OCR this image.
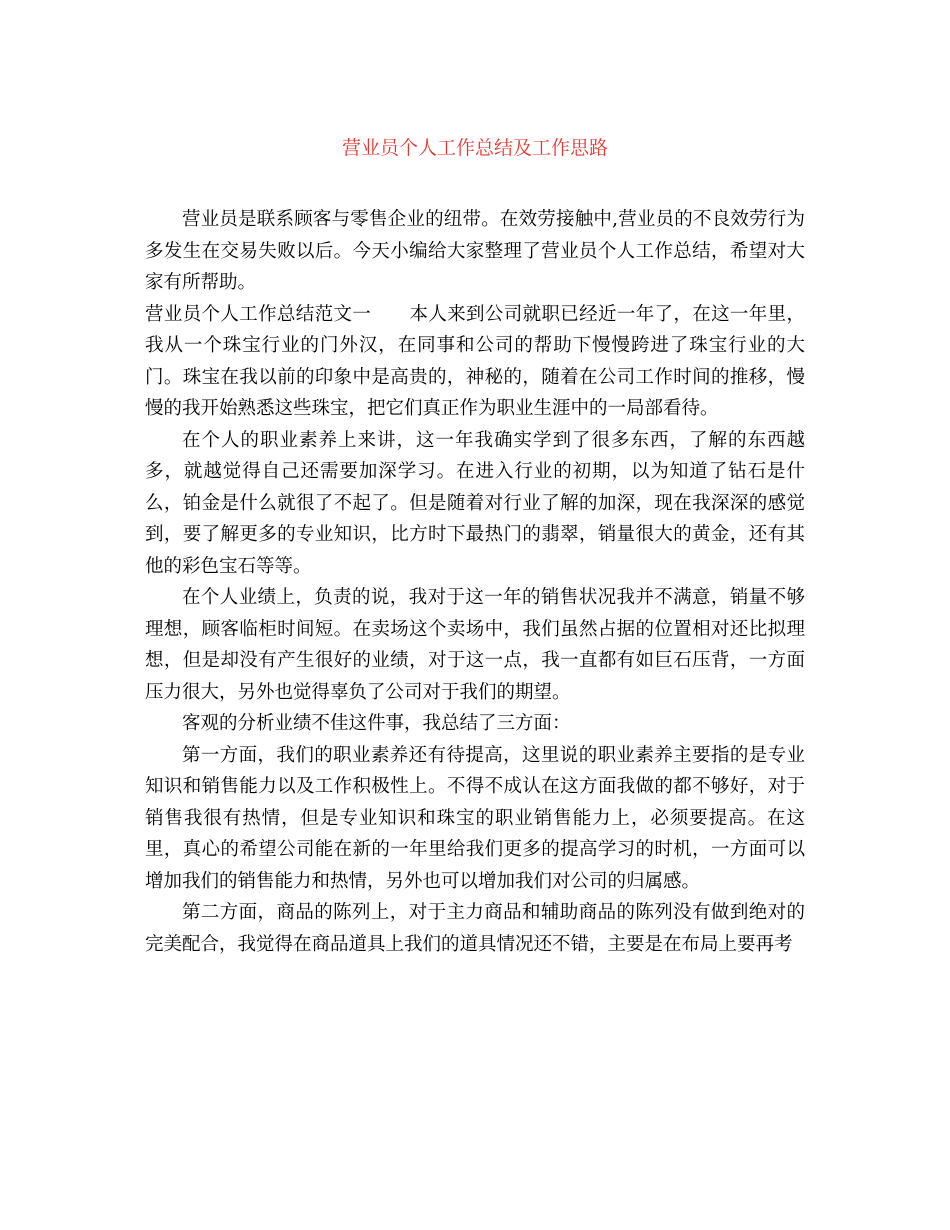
营业员个人工作总结及工作思路

营业员是联系顾客与零售企业的纽带。在效劳接触中,营业员的不良效劳行为多发生在交易失败以后。今天小编给大家整理了营业员个人工作总结，希望对大家有所帮助。

营业员个人工作总结范文一 本人来到公司就职已经近一年了，在这一年里，我从一个珠宝行业的门外汉，在同事和公司的帮助下慢慢跨进了珠宝行业的大门。珠宝在我以前的印象中是高贵的，神秘的，随着在公司工作时间的推移，慢慢的我开始熟悉这些珠宝，把它们真正作为职业生涯中的一局部看待。

在个人的职业素养上来讲，这一年我确实学到了很多东西，了解的东西越多，就越觉得自己还需要加深学习。在进入行业的初期，以为知道了钻石是什么，铂金是什么就很了不起了。但是随着对行业了解的加深，现在我深深的感觉到，要了解更多的专业知识，比方时下最热门的翡翠，销量很大的黄金，还有其他的彩色宝石等等。

在个人业绩上，负责的说，我对于这一年的销售状况我并不满意，销量不够理想，顾客临柜时间短。在卖场这个卖场中，我们虽然占据的位置相对还比拟理想，但是却没有产生很好的业绩，对于这一点，我一直都有如巨石压背，一方面压力很大，另外也觉得辜负了公司对于我们的期望。

客观的分析业绩不佳这件事，我总结了三方面：

第一方面，我们的职业素养还有待提高，这里说的职业素养主要指的是专业知识和销售能力以及工作积极性上。不得不成认在这方面我做的都不够好，对于销售我很有热情，但是专业知识和珠宝的职业销售能力上，必须要提高。在这里，真心的希望公司能在新的一年里给我们更多的提高学习的时机，一方面可以增加我们的销售能力和热情，另外也可以增加我们对公司的归属感。

第二方面，商品的陈列上，对于主力商品和辅助商品的陈列没有做到绝对的完美配合，我觉得在商品道具上我们的道具情况还不错，主要是在布局上要再考
